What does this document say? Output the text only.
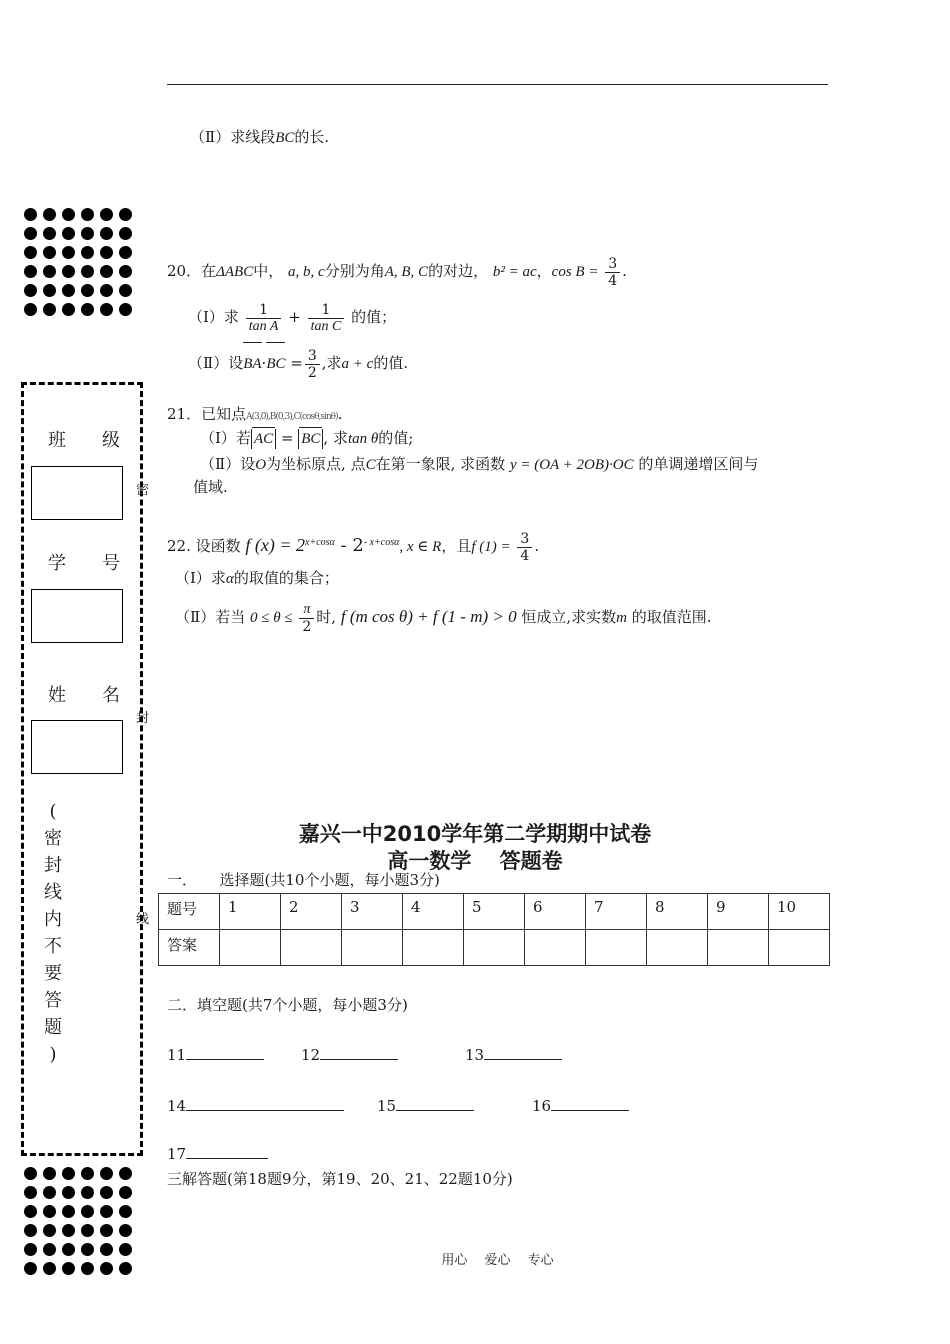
（Ⅱ）求线段BC的长.
20．在ΔABC中， a, b, c分别为角A, B, C的对边， b² = ac，$\cos B = \frac{3}{4}$ .
（Ⅰ）求 $\frac{1}{\text{tan A}} + \frac{1}{\text{tan C}}$ 的值；
（Ⅱ）设$BA\cdot BC = \frac{3}{2}$ ,求a + c的值.
班级
学号
姓名
(
密
封
线
内
不
要
答
题
)
密
封
线
21．已知点A(3,0),B(0,3),C(cosθ,sinθ).
（Ⅰ）若 AC = BC , 求tan θ的值;
（Ⅱ）设O为坐标原点, 点C在第一象限, 求函数 y = (OA + 2OB)·OC 的单调递增区间与
值域.
22. 设函数 f $(x) = 2^{x+cos\alpha} - 2^{- x+cos\alpha}$, x ∈ R，且f $(1) = \frac{3}{4}$ .
（Ⅰ）求α的取值的集合；
（Ⅱ）若当 $0 \le \theta \le \frac{\pi}{2}$ 时, f (m cos θ) + f (1 - m) > 0 恒成立,求实数m 的取值范围.
嘉兴一中2010学年第二学期期中试卷
高一数学　 答题卷
一．　　选择题(共10个小题，每小题3分)
题号	1	2	3	4	5	6	7	8	9	10
答案										
二．填空题(共7个小题，每小题3分)
11	12	13
14	15	16
17
三解答题(第18题9分，第19、20、21、22题10分)
用心　 爱心　 专心
